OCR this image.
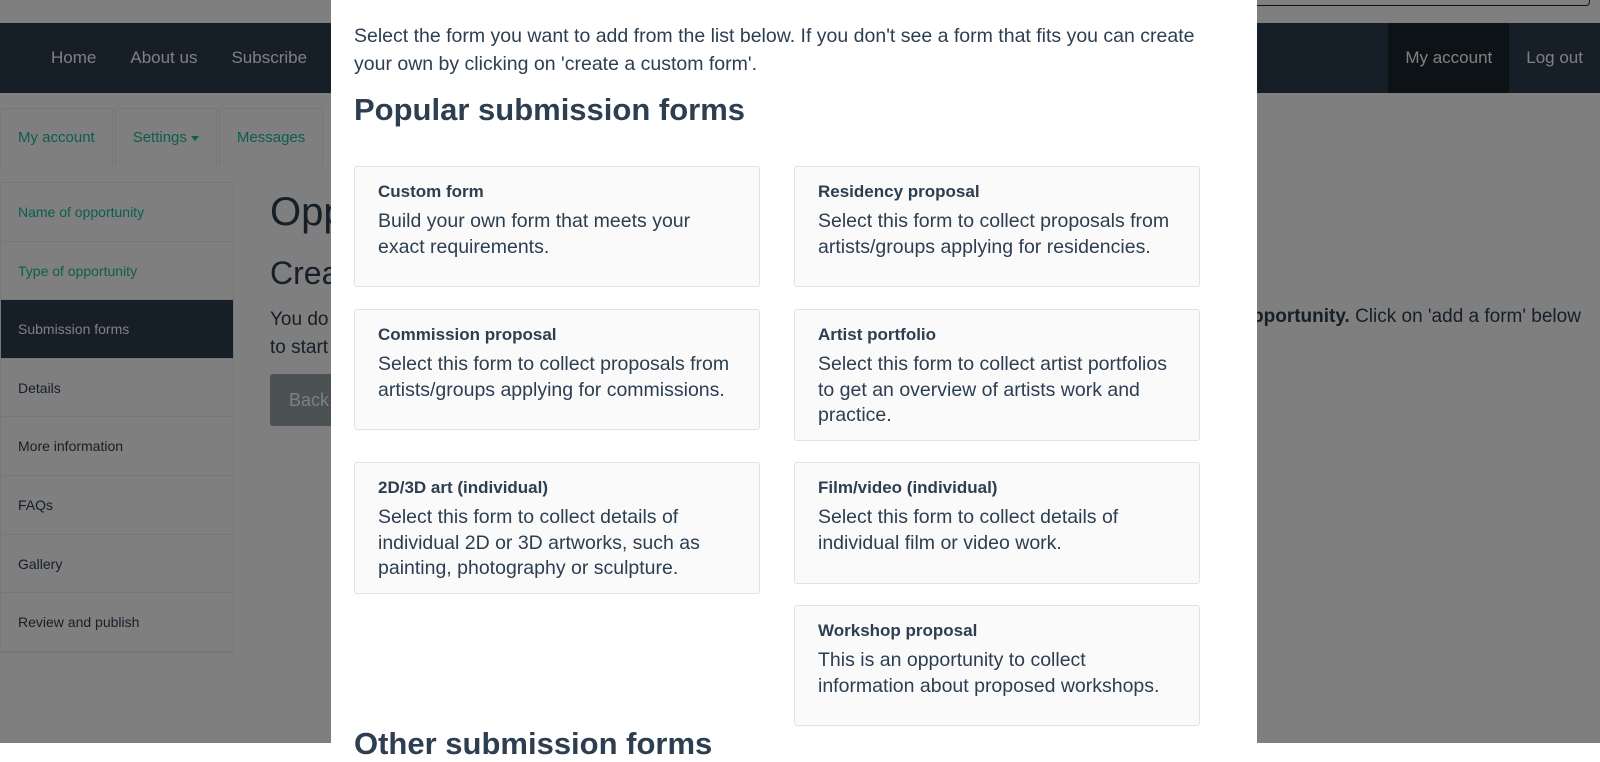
Select the form you want to add from the list below. If you don't see a form that fits you can create your own by clicking on 'create a custom form'.

Popular submission forms
Custom form
Build your own form that meets your exact requirements.
Residency proposal
Select this form to collect proposals from artists/groups applying for residencies.
Commission proposal
Select this form to collect proposals from artists/groups applying for commissions.
Artist portfolio
Select this form to collect artist portfolios to get an overview of artists work and practice.
2D/3D art (individual)
Select this form to collect details of individual 2D or 3D artworks, such as painting, photography or sculpture.
Film/video (individual)
Select this form to collect details of individual film or video work.
Workshop proposal
This is an opportunity to collect information about proposed workshops.
Other submission forms
